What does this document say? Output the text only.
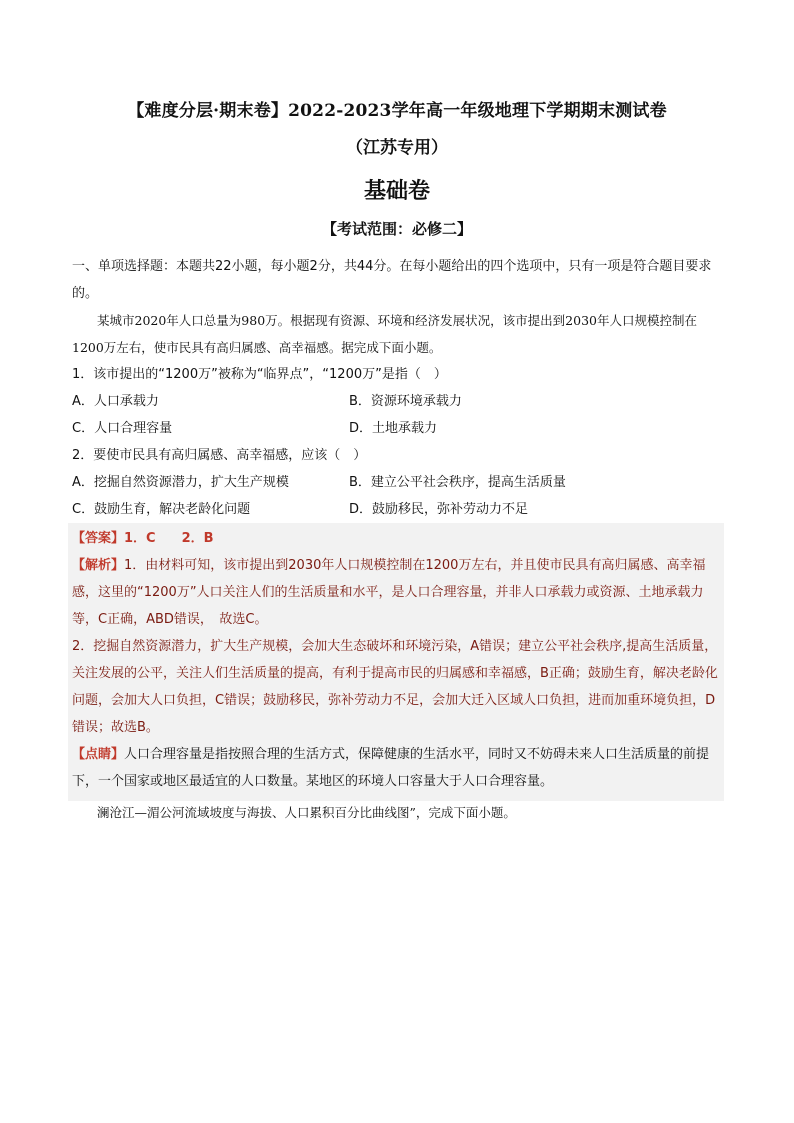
【难度分层·期末卷】2022-2023学年高一年级地理下学期期末测试卷
（江苏专用）
基础卷
【考试范围：必修二】
一、单项选择题：本题共22小题，每小题2分，共44分。在每小题给出的四个选项中，只有一项是符合题目要求的。
某城市2020年人口总量为980万。根据现有资源、环境和经济发展状况，该市提出到2030年人口规模控制在1200万左右，使市民具有高归属感、高幸福感。据完成下面小题。
1．该市提出的“1200万”被称为“临界点”，“1200万”是指（　）
A．人口承载力	B．资源环境承载力
C．人口合理容量	D．土地承载力
2．要使市民具有高归属感、高幸福感，应该（　）
A．挖掘自然资源潜力，扩大生产规模	B．建立公平社会秩序，提高生活质量
C．鼓励生育，解决老龄化问题	D．鼓励移民，弥补劳动力不足
【答案】1．C　　2．B
【解析】1．由材料可知，该市提出到2030年人口规模控制在1200万左右，并且使市民具有高归属感、高幸福感，这里的“1200万”人口关注人们的生活质量和水平，是人口合理容量，并非人口承载力或资源、土地承载力等，C正确，ABD错误，　故选C。
2．挖掘自然资源潜力，扩大生产规模，会加大生态破坏和环境污染，A错误；建立公平社会秩序,提高生活质量，关注发展的公平，关注人们生活质量的提高，有利于提高市民的归属感和幸福感，B正确；鼓励生育，解决老龄化问题，会加大人口负担，C错误；鼓励移民，弥补劳动力不足，会加大迁入区域人口负担，进而加重环境负担，D错误；故选B。
【点睛】人口合理容量是指按照合理的生活方式，保障健康的生活水平，同时又不妨碍未来人口生活质量的前提下，一个国家或地区最适宜的人口数量。某地区的环境人口容量大于人口合理容量。
澜沧江—湄公河流域坡度与海拔、人口累积百分比曲线图”，完成下面小题。
